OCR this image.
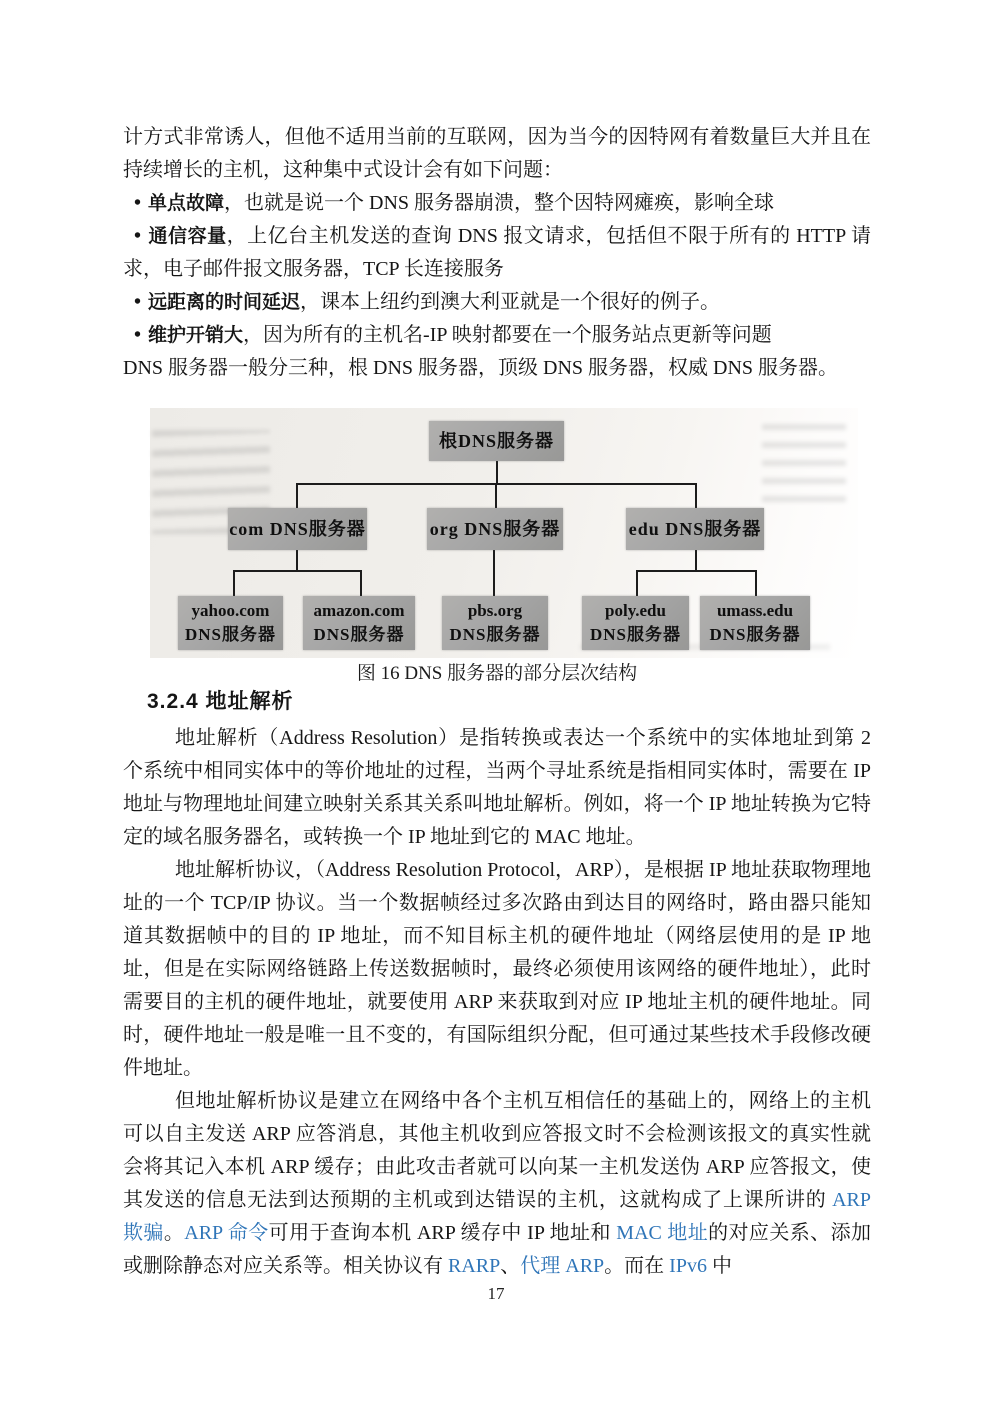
计方式非常诱人，但他不适用当前的互联网，因为当今的因特网有着数量巨大并且在持续增长的主机，这种集中式设计会有如下问题：

• 单点故障，也就是说一个 DNS 服务器崩溃，整个因特网瘫痪，影响全球
• 通信容量，上亿台主机发送的查询 DNS 报文请求，包括但不限于所有的 HTTP 请求，电子邮件报文服务器，TCP 长连接服务
• 远距离的时间延迟，课本上纽约到澳大利亚就是一个很好的例子。
• 维护开销大，因为所有的主机名-IP 映射都要在一个服务站点更新等问题

DNS 服务器一般分三种，根 DNS 服务器，顶级 DNS 服务器，权威 DNS 服务器。

根DNS服务器
com DNS服务器	org DNS服务器	edu DNS服务器
yahoo.com
DNS服务器
amazon.com
DNS服务器
pbs.org
DNS服务器
poly.edu
DNS服务器
umass.edu
DNS服务器
图 16 DNS 服务器的部分层次结构
3.2.4 地址解析

地址解析（Address Resolution）是指转换或表达一个系统中的实体地址到第 2 个系统中相同实体中的等价地址的过程，当两个寻址系统是指相同实体时，需要在 IP 地址与物理地址间建立映射关系其关系叫地址解析。例如，将一个 IP 地址转换为它特定的域名服务器名，或转换一个 IP 地址到它的 MAC 地址。

地址解析协议，（Address Resolution Protocol，ARP），是根据 IP 地址获取物理地址的一个 TCP/IP 协议。当一个数据帧经过多次路由到达目的网络时，路由器只能知道其数据帧中的目的 IP 地址，而不知目标主机的硬件地址（网络层使用的是 IP 地址，但是在实际网络链路上传送数据帧时，最终必须使用该网络的硬件地址），此时需要目的主机的硬件地址，就要使用 ARP 来获取到对应 IP 地址主机的硬件地址。同时，硬件地址一般是唯一且不变的，有国际组织分配，但可通过某些技术手段修改硬件地址。

但地址解析协议是建立在网络中各个主机互相信任的基础上的，网络上的主机可以自主发送 ARP 应答消息，其他主机收到应答报文时不会检测该报文的真实性就会将其记入本机 ARP 缓存；由此攻击者就可以向某一主机发送伪 ARP 应答报文，使其发送的信息无法到达预期的主机或到达错误的主机，这就构成了上课所讲的 ARP 欺骗。ARP 命令可用于查询本机 ARP 缓存中 IP 地址和 MAC 地址的对应关系、添加或删除静态对应关系等。相关协议有 RARP、代理 ARP。而在 IPv6 中

17
